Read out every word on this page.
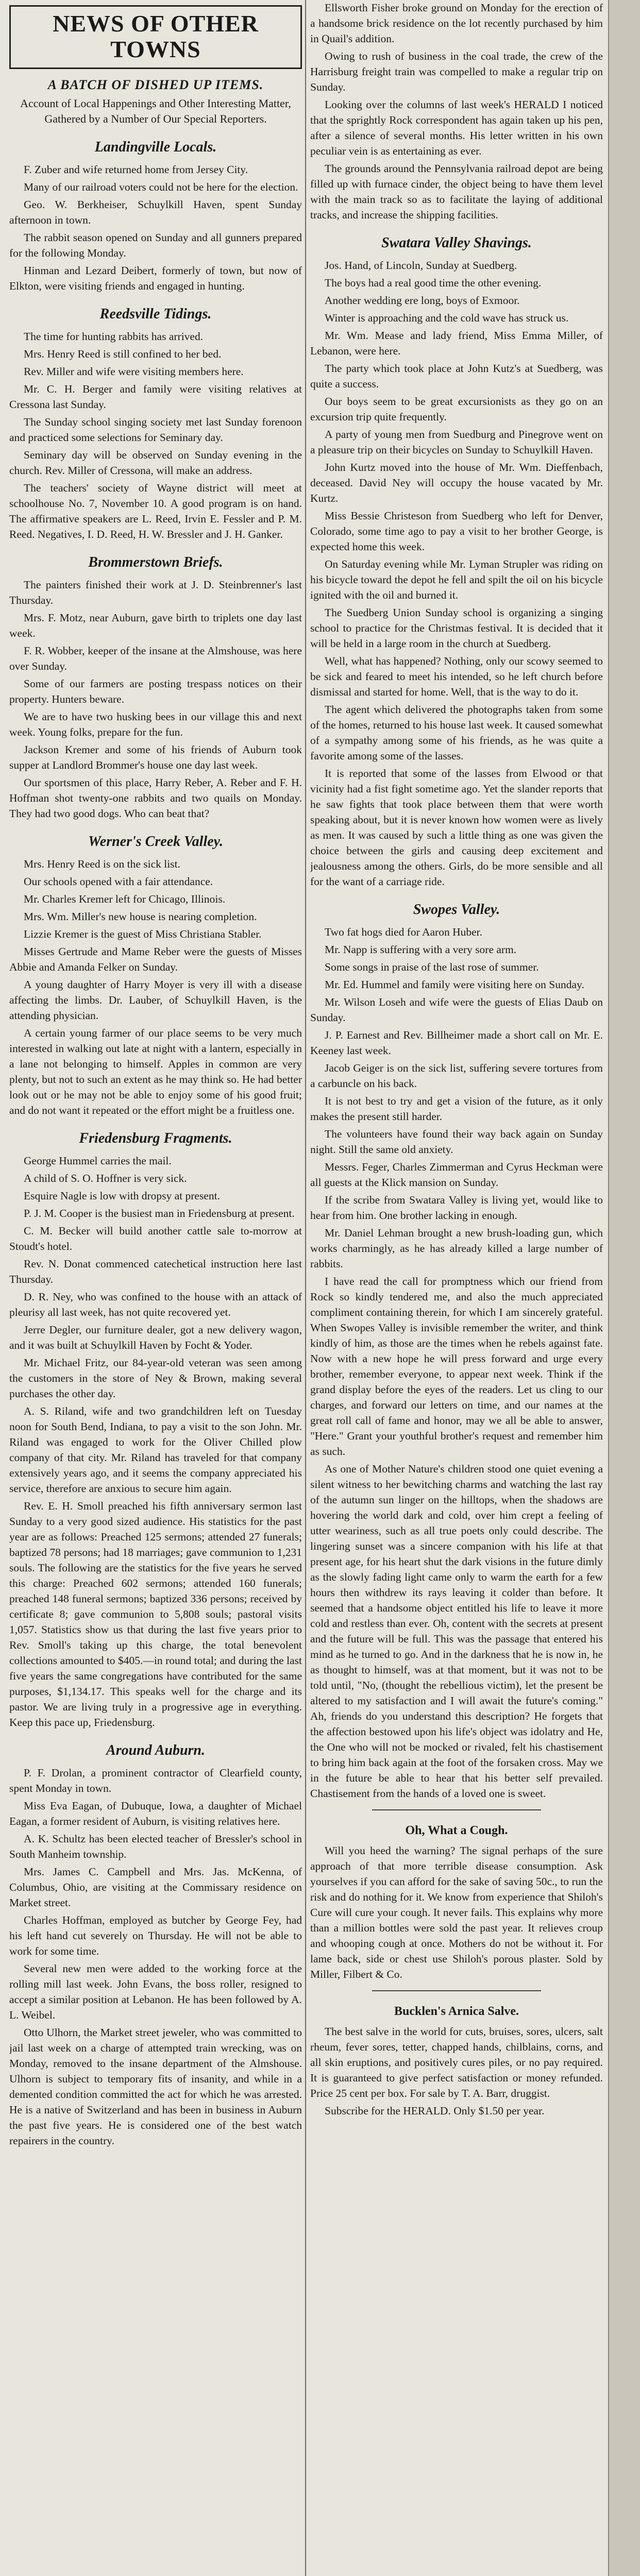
NEWS OF OTHER TOWNS
A BATCH OF DISHED UP ITEMS.
Account of Local Happenings and Other Interesting Matter, Gathered by a Number of Our Special Reporters.
Landingville Locals.

F. Zuber and wife returned home from Jersey City.

Many of our railroad voters could not be here for the election.

Geo. W. Berkheiser, Schuylkill Haven, spent Sunday afternoon in town.

The rabbit season opened on Sunday and all gunners prepared for the following Monday.

Hinman and Lezard Deibert, formerly of town, but now of Elkton, were visiting friends and engaged in hunting.

Reedsville Tidings.

The time for hunting rabbits has arrived.

Mrs. Henry Reed is still confined to her bed.

Rev. Miller and wife were visiting members here.

Mr. C. H. Berger and family were visiting relatives at Cressona last Sunday.

The Sunday school singing society met last Sunday forenoon and practiced some selections for Seminary day.

Seminary day will be observed on Sunday evening in the church. Rev. Miller of Cressona, will make an address.

The teachers' society of Wayne district will meet at schoolhouse No. 7, November 10. A good program is on hand. The affirmative speakers are L. Reed, Irvin E. Fessler and P. M. Reed. Negatives, I. D. Reed, H. W. Bressler and J. H. Ganker.

Brommerstown Briefs.

The painters finished their work at J. D. Steinbrenner's last Thursday.

Mrs. F. Motz, near Auburn, gave birth to triplets one day last week.

F. R. Wobber, keeper of the insane at the Almshouse, was here over Sunday.

Some of our farmers are posting trespass notices on their property. Hunters beware.

We are to have two husking bees in our village this and next week. Young folks, prepare for the fun.

Jackson Kremer and some of his friends of Auburn took supper at Landlord Brommer's house one day last week.

Our sportsmen of this place, Harry Reber, A. Reber and F. H. Hoffman shot twenty-one rabbits and two quails on Monday. They had two good dogs. Who can beat that?

Werner's Creek Valley.

Mrs. Henry Reed is on the sick list.

Our schools opened with a fair attendance.

Mr. Charles Kremer left for Chicago, Illinois.

Mrs. Wm. Miller's new house is nearing completion.

Lizzie Kremer is the guest of Miss Christiana Stabler.

Misses Gertrude and Mame Reber were the guests of Misses Abbie and Amanda Felker on Sunday.

A young daughter of Harry Moyer is very ill with a disease affecting the limbs. Dr. Lauber, of Schuylkill Haven, is the attending physician.

A certain young farmer of our place seems to be very much interested in walking out late at night with a lantern, especially in a lane not belonging to himself. Apples in common are very plenty, but not to such an extent as he may think so. He had better look out or he may not be able to enjoy some of his good fruit; and do not want it repeated or the effort might be a fruitless one.

Friedensburg Fragments.

George Hummel carries the mail.

A child of S. O. Hoffner is very sick.

Esquire Nagle is low with dropsy at present.

P. J. M. Cooper is the busiest man in Friedensburg at present.

C. M. Becker will build another cattle sale to-morrow at Stoudt's hotel.

Rev. N. Donat commenced catechetical instruction here last Thursday.

D. R. Ney, who was confined to the house with an attack of pleurisy all last week, has not quite recovered yet.

Jerre Degler, our furniture dealer, got a new delivery wagon, and it was built at Schuylkill Haven by Focht & Yoder.

Mr. Michael Fritz, our 84-year-old veteran was seen among the customers in the store of Ney & Brown, making several purchases the other day.

A. S. Riland, wife and two grandchildren left on Tuesday noon for South Bend, Indiana, to pay a visit to the son John. Mr. Riland was engaged to work for the Oliver Chilled plow company of that city. Mr. Riland has traveled for that company extensively years ago, and it seems the company appreciated his service, therefore are anxious to secure him again.

Rev. E. H. Smoll preached his fifth anniversary sermon last Sunday to a very good sized audience. His statistics for the past year are as follows: Preached 125 sermons; attended 27 funerals; baptized 78 persons; had 18 marriages; gave communion to 1,231 souls. The following are the statistics for the five years he served this charge: Preached 602 sermons; attended 160 funerals; preached 148 funeral sermons; baptized 336 persons; received by certificate 8; gave communion to 5,808 souls; pastoral visits 1,057. Statistics show us that during the last five years prior to Rev. Smoll's taking up this charge, the total benevolent collections amounted to $405.—in round total; and during the last five years the same congregations have contributed for the same purposes, $1,134.17. This speaks well for the charge and its pastor. We are living truly in a progressive age in everything. Keep this pace up, Friedensburg.

Around Auburn.

P. F. Drolan, a prominent contractor of Clearfield county, spent Monday in town.

Miss Eva Eagan, of Dubuque, Iowa, a daughter of Michael Eagan, a former resident of Auburn, is visiting relatives here.

A. K. Schultz has been elected teacher of Bressler's school in South Manheim township.

Mrs. James C. Campbell and Mrs. Jas. McKenna, of Columbus, Ohio, are visiting at the Commissary residence on Market street.

Charles Hoffman, employed as butcher by George Fey, had his left hand cut severely on Thursday. He will not be able to work for some time.

Several new men were added to the working force at the rolling mill last week. John Evans, the boss roller, resigned to accept a similar position at Lebanon. He has been followed by A. L. Weibel.

Otto Ulhorn, the Market street jeweler, who was committed to jail last week on a charge of attempted train wrecking, was on Monday, removed to the insane department of the Almshouse. Ulhorn is subject to temporary fits of insanity, and while in a demented condition committed the act for which he was arrested. He is a native of Switzerland and has been in business in Auburn the past five years. He is considered one of the best watch repairers in the country.

Ellsworth Fisher broke ground on Monday for the erection of a handsome brick residence on the lot recently purchased by him in Quail's addition.

Owing to rush of business in the coal trade, the crew of the Harrisburg freight train was compelled to make a regular trip on Sunday.

Looking over the columns of last week's HERALD I noticed that the sprightly Rock correspondent has again taken up his pen, after a silence of several months. His letter written in his own peculiar vein is as entertaining as ever.

The grounds around the Pennsylvania railroad depot are being filled up with furnace cinder, the object being to have them level with the main track so as to facilitate the laying of additional tracks, and increase the shipping facilities.

Swatara Valley Shavings.

Jos. Hand, of Lincoln, Sunday at Suedberg.

The boys had a real good time the other evening.

Another wedding ere long, boys of Exmoor.

Winter is approaching and the cold wave has struck us.

Mr. Wm. Mease and lady friend, Miss Emma Miller, of Lebanon, were here.

The party which took place at John Kutz's at Suedberg, was quite a success.

Our boys seem to be great excursionists as they go on an excursion trip quite frequently.

A party of young men from Suedburg and Pinegrove went on a pleasure trip on their bicycles on Sunday to Schuylkill Haven.

John Kurtz moved into the house of Mr. Wm. Dieffenbach, deceased. David Ney will occupy the house vacated by Mr. Kurtz.

Miss Bessie Christeson from Suedberg who left for Denver, Colorado, some time ago to pay a visit to her brother George, is expected home this week.

On Saturday evening while Mr. Lyman Strupler was riding on his bicycle toward the depot he fell and spilt the oil on his bicycle ignited with the oil and burned it.

The Suedberg Union Sunday school is organizing a singing school to practice for the Christmas festival. It is decided that it will be held in a large room in the church at Suedberg.

Well, what has happened? Nothing, only our scowy seemed to be sick and feared to meet his intended, so he left church before dismissal and started for home. Well, that is the way to do it.

The agent which delivered the photographs taken from some of the homes, returned to his house last week. It caused somewhat of a sympathy among some of his friends, as he was quite a favorite among some of the lasses.

It is reported that some of the lasses from Elwood or that vicinity had a fist fight sometime ago. Yet the slander reports that he saw fights that took place between them that were worth speaking about, but it is never known how women were as lively as men. It was caused by such a little thing as one was given the choice between the girls and causing deep excitement and jealousness among the others. Girls, do be more sensible and all for the want of a carriage ride.

Swopes Valley.

Two fat hogs died for Aaron Huber.

Mr. Napp is suffering with a very sore arm.

Some songs in praise of the last rose of summer.

Mr. Ed. Hummel and family were visiting here on Sunday.

Mr. Wilson Loseh and wife were the guests of Elias Daub on Sunday.

J. P. Earnest and Rev. Billheimer made a short call on Mr. E. Keeney last week.

Jacob Geiger is on the sick list, suffering severe tortures from a carbuncle on his back.

It is not best to try and get a vision of the future, as it only makes the present still harder.

The volunteers have found their way back again on Sunday night. Still the same old anxiety.

Messrs. Feger, Charles Zimmerman and Cyrus Heckman were all guests at the Klick mansion on Sunday.

If the scribe from Swatara Valley is living yet, would like to hear from him. One brother lacking in enough.

Mr. Daniel Lehman brought a new brush-loading gun, which works charmingly, as he has already killed a large number of rabbits.

I have read the call for promptness which our friend from Rock so kindly tendered me, and also the much appreciated compliment containing therein, for which I am sincerely grateful. When Swopes Valley is invisible remember the writer, and think kindly of him, as those are the times when he rebels against fate. Now with a new hope he will press forward and urge every brother, remember everyone, to appear next week. Think if the grand display before the eyes of the readers. Let us cling to our charges, and forward our letters on time, and our names at the great roll call of fame and honor, may we all be able to answer, "Here." Grant your youthful brother's request and remember him as such.

As one of Mother Nature's children stood one quiet evening a silent witness to her bewitching charms and watching the last ray of the autumn sun linger on the hilltops, when the shadows are hovering the world dark and cold, over him crept a feeling of utter weariness, such as all true poets only could describe. The lingering sunset was a sincere companion with his life at that present age, for his heart shut the dark visions in the future dimly as the slowly fading light came only to warm the earth for a few hours then withdrew its rays leaving it colder than before. It seemed that a handsome object entitled his life to leave it more cold and restless than ever. Oh, content with the secrets at present and the future will be full. This was the passage that entered his mind as he turned to go. And in the darkness that he is now in, he as thought to himself, was at that moment, but it was not to be told until, "No, (thought the rebellious victim), let the present be altered to my satisfaction and I will await the future's coming." Ah, friends do you understand this description? He forgets that the affection bestowed upon his life's object was idolatry and He, the One who will not be mocked or rivaled, felt his chastisement to bring him back again at the foot of the forsaken cross. May we in the future be able to hear that his better self prevailed. Chastisement from the hands of a loved one is sweet.

Oh, What a Cough.

Will you heed the warning? The signal perhaps of the sure approach of that more terrible disease consumption. Ask yourselves if you can afford for the sake of saving 50c., to run the risk and do nothing for it. We know from experience that Shiloh's Cure will cure your cough. It never fails. This explains why more than a million bottles were sold the past year. It relieves croup and whooping cough at once. Mothers do not be without it. For lame back, side or chest use Shiloh's porous plaster. Sold by Miller, Filbert & Co.

Bucklen's Arnica Salve.

The best salve in the world for cuts, bruises, sores, ulcers, salt rheum, fever sores, tetter, chapped hands, chilblains, corns, and all skin eruptions, and positively cures piles, or no pay required. It is guaranteed to give perfect satisfaction or money refunded. Price 25 cent per box. For sale by T. A. Barr, druggist.

Subscribe for the HERALD. Only $1.50 per year.
